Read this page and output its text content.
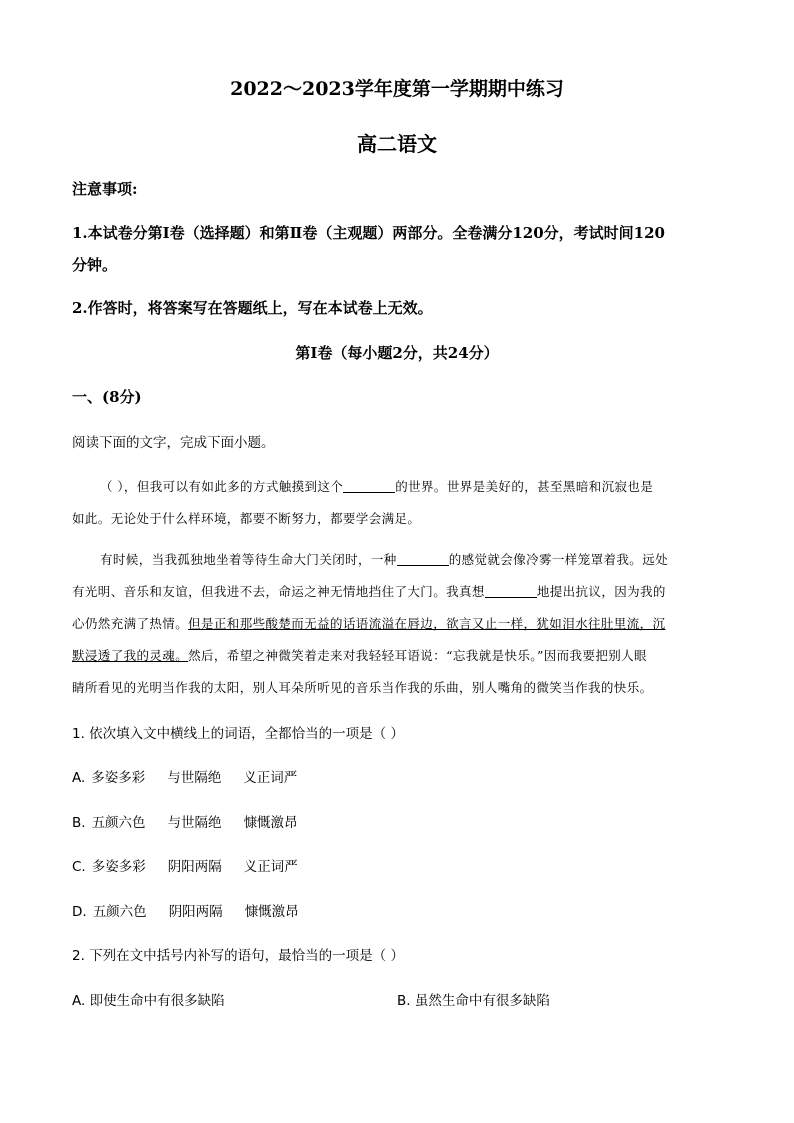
2022～2023学年度第一学期期中练习
高二语文
注意事项:
1.本试卷分第Ⅰ卷（选择题）和第Ⅱ卷（主观题）两部分。全卷满分120分，考试时间120
分钟。
2.作答时，将答案写在答题纸上，写在本试卷上无效。
第Ⅰ卷（每小题2分，共24分）
一、(8分)
阅读下面的文字，完成下面小题。
（ ），但我可以有如此多的方式触摸到这个	的世界。世界是美好的，甚至黑暗和沉寂也是
如此。无论处于什么样环境，都要不断努力，都要学会满足。
有时候，当我孤独地坐着等待生命大门关闭时，一种	的感觉就会像冷雾一样笼罩着我。远处
有光明、音乐和友谊，但我进不去，命运之神无情地挡住了大门。我真想	地提出抗议，因为我的
心仍然充满了热情。但是正和那些酸楚而无益的话语流溢在唇边，欲言又止一样，犹如泪水往肚里流，沉
默浸透了我的灵魂。然后，希望之神微笑着走来对我轻轻耳语说：“忘我就是快乐。”因而我要把别人眼
睛所看见的光明当作我的太阳，别人耳朵所听见的音乐当作我的乐曲，别人嘴角的微笑当作我的快乐。
1. 依次填入文中横线上的词语，全都恰当的一项是（ ）
A. 多姿多彩 与世隔绝 义正词严
B. 五颜六色 与世隔绝 慷慨激昂
C. 多姿多彩 阴阳两隔 义正词严
D. 五颜六色 阴阳两隔 慷慨激昂
2. 下列在文中括号内补写的语句，最恰当的一项是（ ）
A. 即使生命中有很多缺陷	B. 虽然生命中有很多缺陷
